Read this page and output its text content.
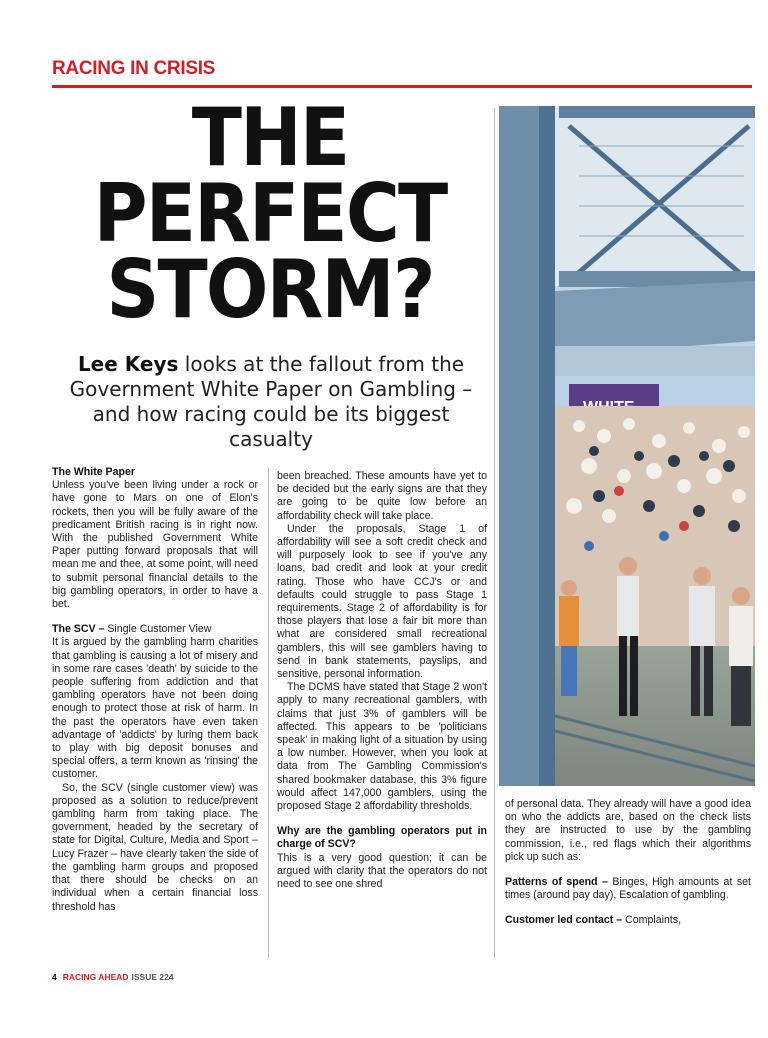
RACING IN CRISIS
THE
PERFECT
STORM?
Lee Keys looks at the fallout from the Government White Paper on Gambling – and how racing could be its biggest casualty

The White Paper

Unless you've been living under a rock or have gone to Mars on one of Elon's rockets, then you will be fully aware of the predicament British racing is in right now. With the published Government White Paper putting forward proposals that will mean me and thee, at some point, will need to submit personal financial details to the big gambling operators, in order to have a bet.

The SCV – Single Customer View

It is argued by the gambling harm charities that gambling is causing a lot of misery and in some rare cases 'death' by suicide to the people suffering from addiction and that gambling operators have not been doing enough to protect those at risk of harm. In the past the operators have even taken advantage of 'addicts' by luring them back to play with big deposit bonuses and special offers, a term known as 'rinsing' the customer.

So, the SCV (single customer view) was proposed as a solution to reduce/prevent gambling harm from taking place. The government, headed by the secretary of state for Digital, Culture, Media and Sport – Lucy Frazer – have clearly taken the side of the gambling harm groups and proposed that there should be checks on an individual when a certain financial loss threshold has

been breached. These amounts have yet to be decided but the early signs are that they are going to be quite low before an affordability check will take place.

Under the proposals, Stage 1 of affordability will see a soft credit check and will purposely look to see if you've any loans, bad credit and look at your credit rating. Those who have CCJ's or and defaults could struggle to pass Stage 1 requirements. Stage 2 of affordability is for those players that lose a fair bit more than what are considered small recreational gamblers, this will see gamblers having to send in bank statements, payslips, and sensitive, personal information.

The DCMS have stated that Stage 2 won't apply to many recreational gamblers, with claims that just 3% of gamblers will be affected. This appears to be 'politicians speak' in making light of a situation by using a low number. However, when you look at data from The Gambling Commission's shared bookmaker database, this 3% figure would affect 147,000 gamblers, using the proposed Stage 2 affordability thresholds.

Why are the gambling operators put in charge of SCV?

This is a very good question; it can be argued with clarity that the operators do not need to see one shred

of personal data. They already will have a good idea on who the addicts are, based on the check lists they are instructed to use by the gambling commission, i.e., red flags which their algorithms pick up such as:

Patterns of spend – Binges, High amounts at set times (around pay day), Escalation of gambling.

Customer led contact – Complaints,

4 RACING AHEAD ISSUE 224
